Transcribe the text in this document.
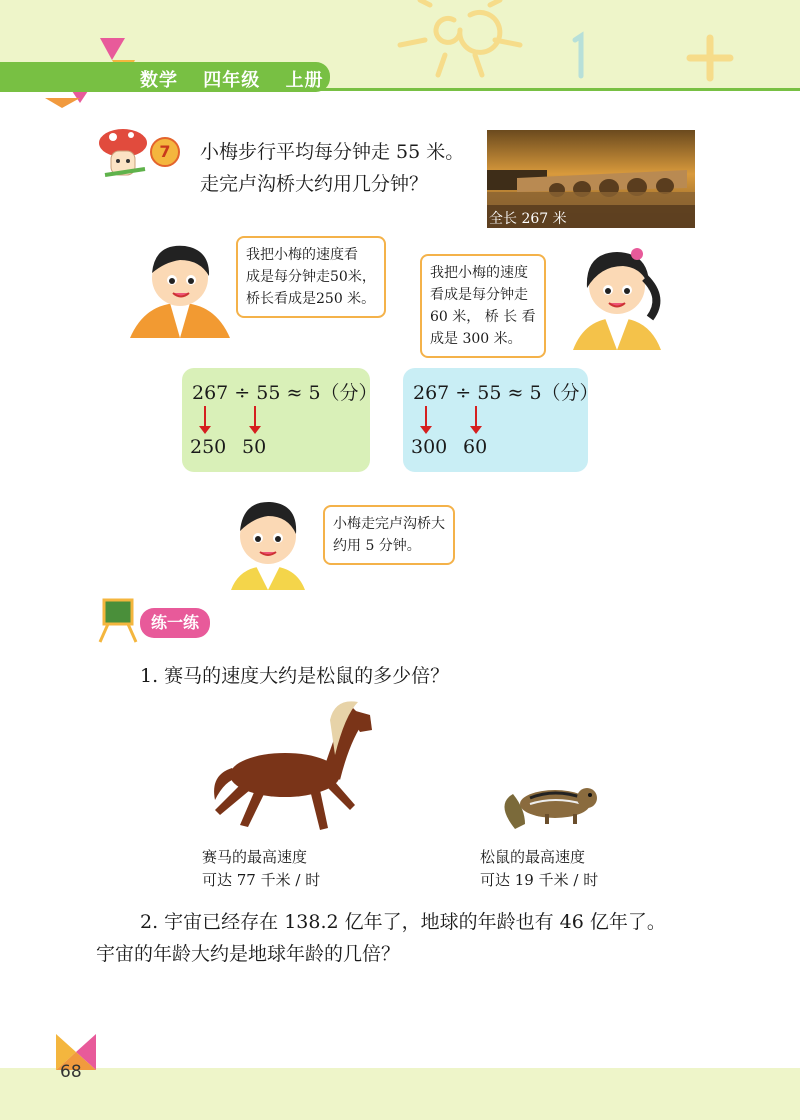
数学 四年级 上册
7	小梅步行平均每分钟走 55 米。
走完卢沟桥大约用几分钟？
全长 267 米
我把小梅的速度看
成是每分钟走50米，
桥长看成是250 米。
我把小梅的速度
看成是每分钟走
60 米， 桥 长 看
成是 300 米。
267 ÷ 55 ≈ 5（分）
250 50
267 ÷ 55 ≈ 5（分）
300 60
小梅走完卢沟桥大
约用 5 分钟。
练一练
1. 赛马的速度大约是松鼠的多少倍？
赛马的最高速度
可达 77 千米 / 时
松鼠的最高速度
可达 19 千米 / 时
2. 宇宙已经存在 138.2 亿年了，地球的年龄也有 46 亿年了。
宇宙的年龄大约是地球年龄的几倍？
68
